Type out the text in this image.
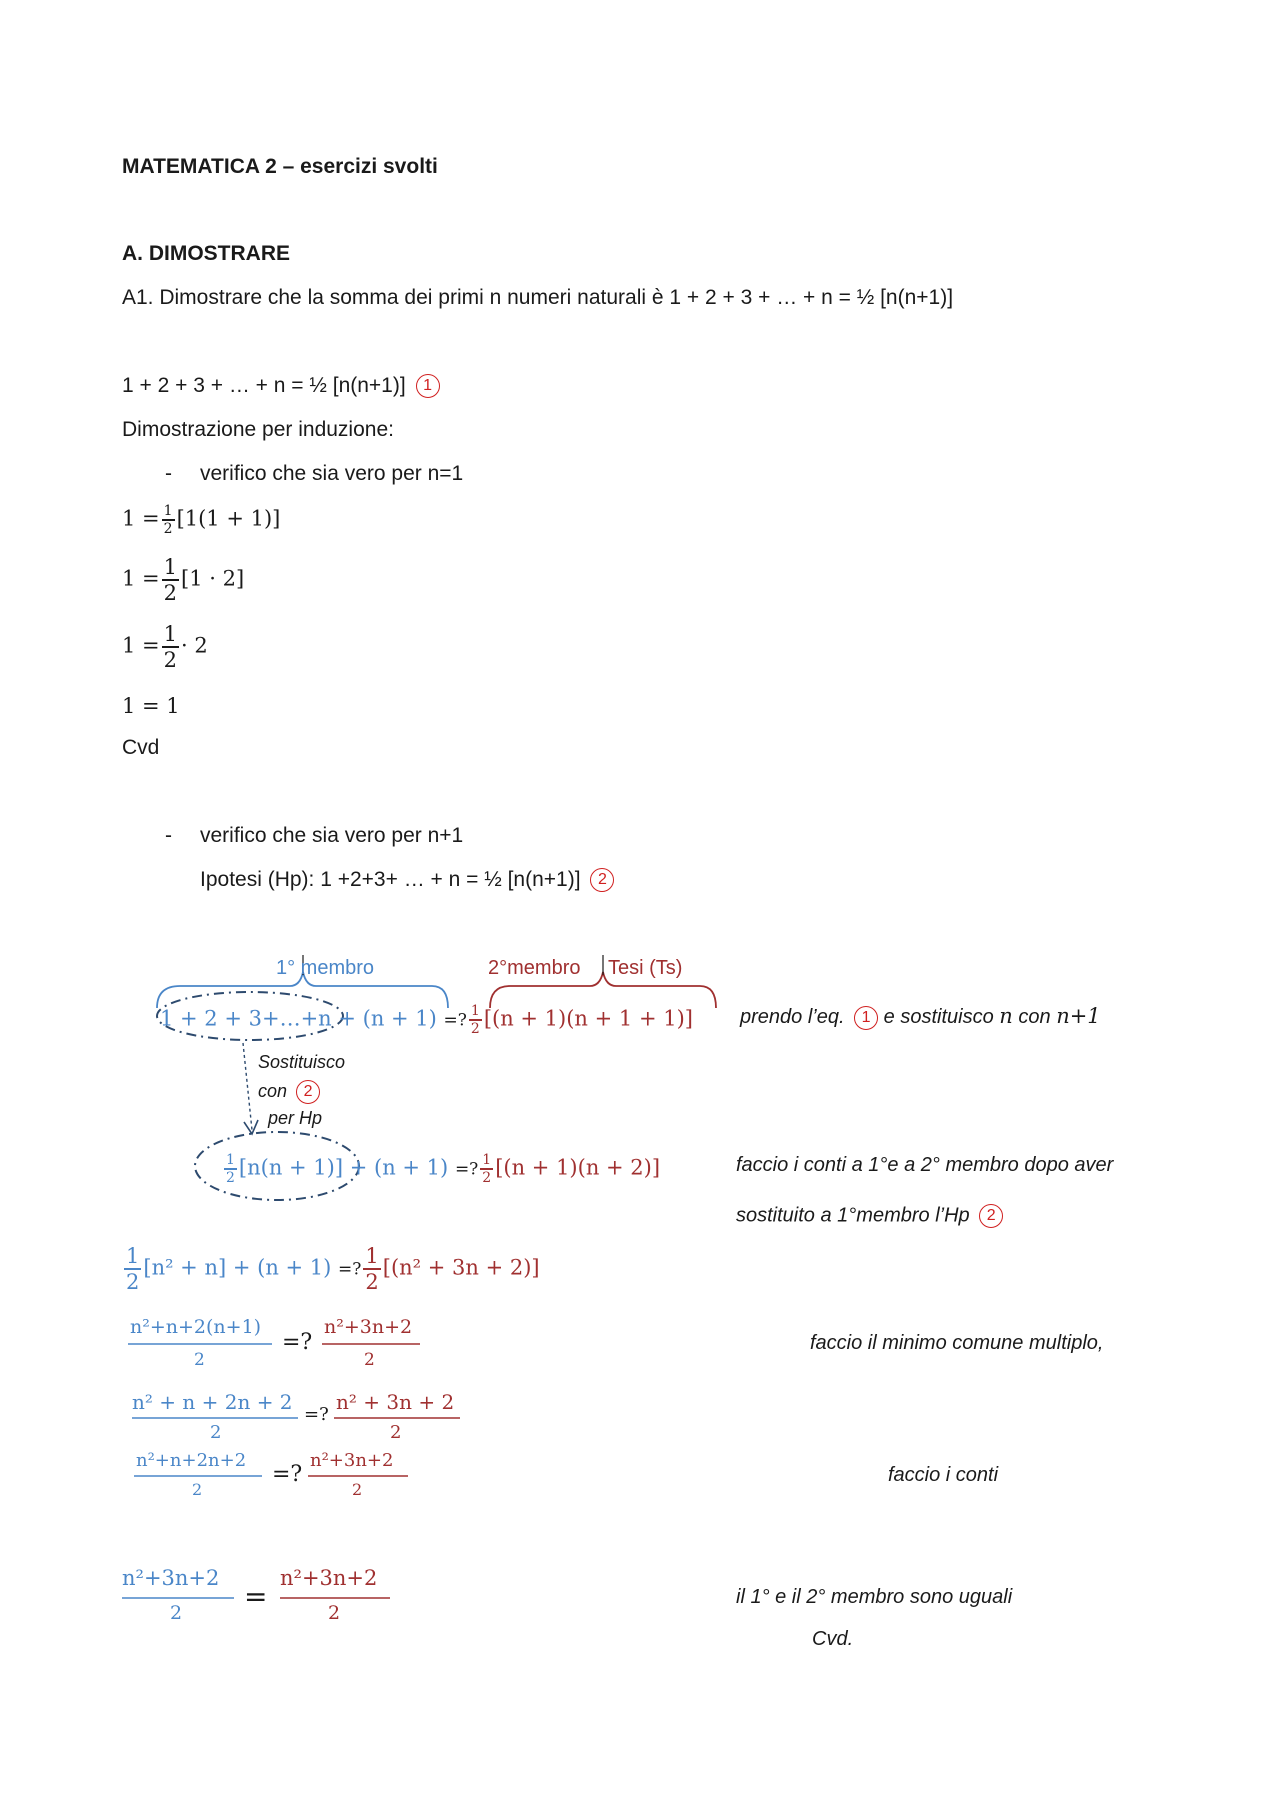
MATEMATICA 2 – esercizi svolti
A. DIMOSTRARE
A1. Dimostrare che la somma dei primi n numeri naturali è 1 + 2 + 3 + … + n = ½ [n(n+1)]
1 + 2 + 3 + … + n = ½ [n(n+1)] 1
Dimostrazione per induzione:
- verifico che sia vero per n=1
$1 = \frac{1}{2} [1(1 + 1)]$
$1 = \frac{1}{2} [1 \cdot 2]$
$1 = \frac{1}{2} \cdot 2$
1 = 1
Cvd
- verifico che sia vero per n+1
Ipotesi (Hp): 1 +2+3+ … + n = ½ [n(n+1)] 2
1° membro	2°membro Tesi (Ts)
1 + 2 + 3+…+n + (n + 1) =? $\frac{1}{2} [(n + 1)(n + 1 + 1)]$ prendo l’eq. 1 e sostituisco n con n+1
Sostituisco
con 2
per Hp
$\frac{1}{2} [n(n + 1)] + (n + 1)$ =? $\frac{1}{2} [(n + 1)(n + 2)]$	faccio i conti a 1°e a 2° membro dopo aver
sostituito a 1°membro l’Hp 2
$\frac{1}{2} [n^2 + n] + (n + 1)$ =? $\frac{1}{2} [(n^2 + 3n + 2)]$
n²+n+2(n+1)
2
=?
n²+3n+2
2
faccio il minimo comune multiplo,
n² + n + 2n + 2
2
=?
n² + 3n + 2
2
n²+n+2n+2
2
=?
n²+3n+2
2
faccio i conti
n²+3n+2
2 =
n²+3n+2
2
il 1° e il 2° membro sono uguali
Cvd.
